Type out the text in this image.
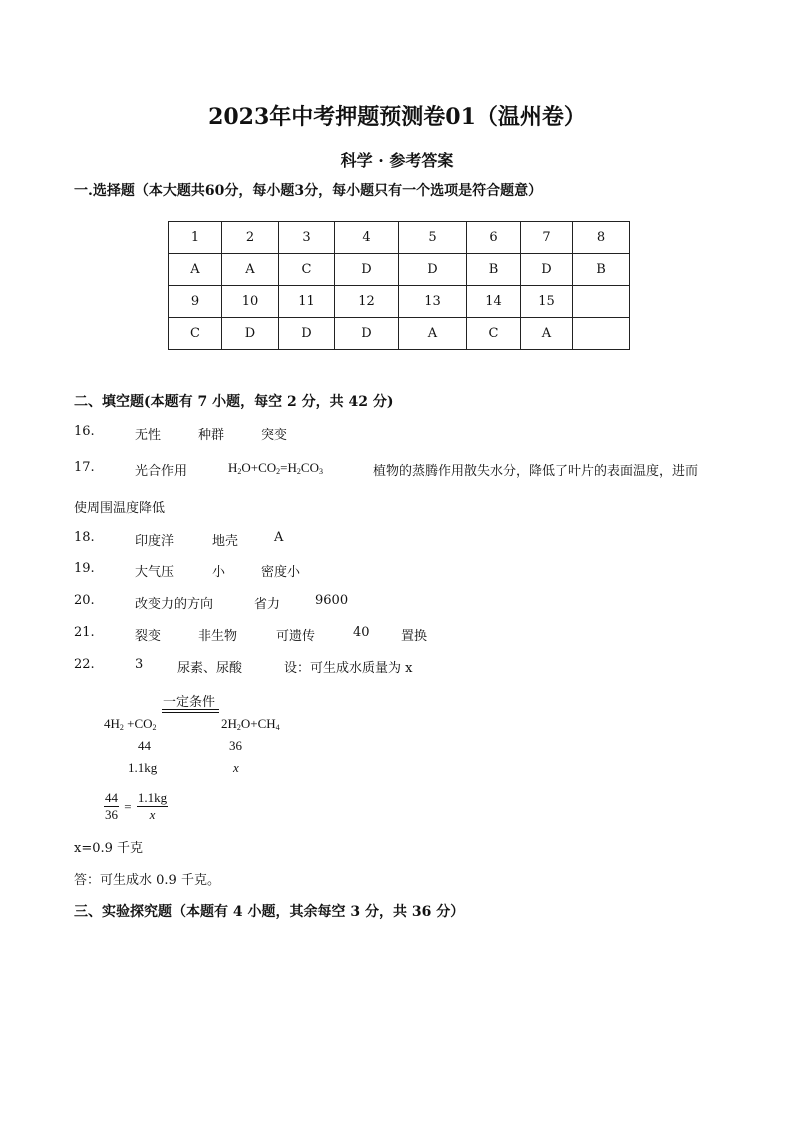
2023年中考押题预测卷01（温州卷）
科学 · 参考答案
一.选择题（本大题共60分，每小题3分，每小题只有一个选项是符合题意）
1	2	3	4	5	6	7	8
A	A	C	D	D	B	D	B
9	10	11	12	13	14	15	
C	D	D	D	A	C	A	
二、填空题(本题有 7 小题，每空 2 分，共 42 分)
16.	无性	种群	突变
17.	光合作用	$H_2O+CO_2=H_2CO_3$	植物的蒸腾作用散失水分，降低了叶片的表面温度，进而
使周围温度降低
18.	印度洋	地壳	A
19.	大气压	小	密度小
20.	改变力的方向	省力	9600
21.	裂变	非生物	可遗传	40 置换
22.	3	尿素、尿酸	设：可生成水质量为 x
一定条件
$4H_2 +CO_2$	$2H_2O+CH_4$
44	36
1.1kg	x
$\frac{44}{36} = \frac{1.1kg}{x}$
x=0.9 千克
答：可生成水 0.9 千克。
三、实验探究题（本题有 4 小题，其余每空 3 分，共 36 分）
